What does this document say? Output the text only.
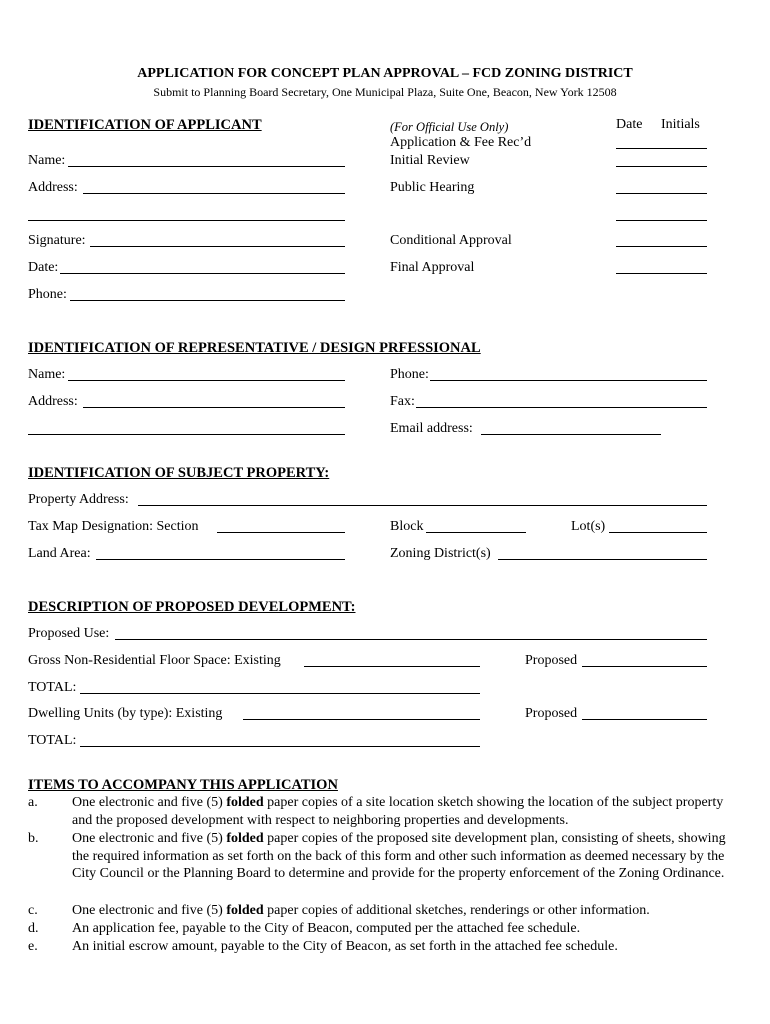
APPLICATION FOR CONCEPT PLAN APPROVAL – FCD ZONING DISTRICT
Submit to Planning Board Secretary, One Municipal Plaza, Suite One, Beacon, New York 12508
IDENTIFICATION OF APPLICANT
Name:
Address:
Signature:
Date:
Phone:
(For Official Use Only)	Date Initials
Application & Fee Rec’d
Initial Review
Public Hearing
Conditional Approval
Final Approval
IDENTIFICATION OF REPRESENTATIVE / DESIGN PRFESSIONAL
Name:
Address:
Phone:
Fax:
Email address:
IDENTIFICATION OF SUBJECT PROPERTY:
Property Address:
Tax Map Designation: Section	Block	Lot(s)
Land Area:	Zoning District(s)
DESCRIPTION OF PROPOSED DEVELOPMENT:
Proposed Use:
Gross Non-Residential Floor Space: Existing	Proposed
TOTAL:
Dwelling Units (by type): Existing	Proposed
TOTAL:
ITEMS TO ACCOMPANY THIS APPLICATION
a. One electronic and five (5) folded paper copies of a site location sketch showing the location of the subject property and the proposed development with respect to neighboring properties and developments.
b. One electronic and five (5) folded paper copies of the proposed site development plan, consisting of sheets, showing the required information as set forth on the back of this form and other such information as deemed necessary by the City Council or the Planning Board to determine and provide for the property enforcement of the Zoning Ordinance.
c. One electronic and five (5) folded paper copies of additional sketches, renderings or other information.
d. An application fee, payable to the City of Beacon, computed per the attached fee schedule.
e. An initial escrow amount, payable to the City of Beacon, as set forth in the attached fee schedule.
